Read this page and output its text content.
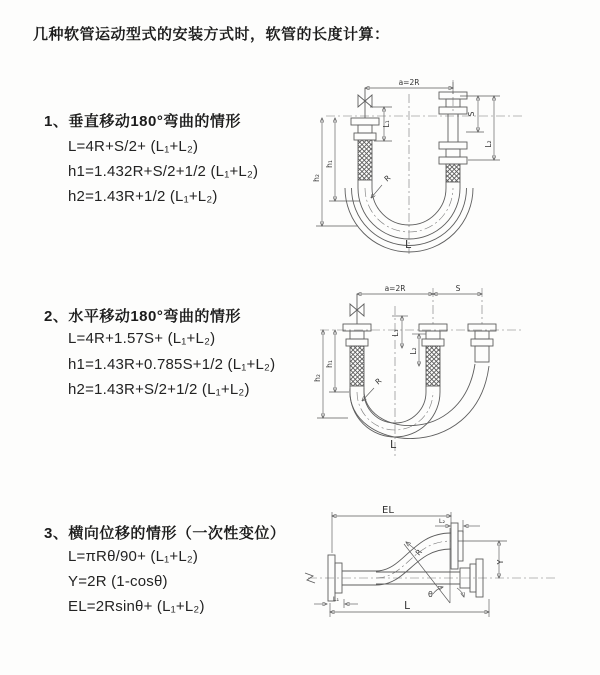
几种软管运动型式的安装方式时，软管的长度计算：
1、垂直移动180°弯曲的情形
L=4R+S/2+ (L₁+L₂)
h1=1.432R+S/2+1/2 (L₁+L₂)
h2=1.43R+1/2 (L₁+L₂)
a=2R
h₂
h₁
L₁
S
L₂
R
L
2、水平移动180°弯曲的情形
L=4R+1.57S+ (L₁+L₂)
h1=1.43R+0.785S+1/2 (L₁+L₂)
h2=1.43R+S/2+1/2 (L₁+L₂)
a=2R	S
h₂
h₁
L₁
L₂
R
L
3、横向位移的情形（一次性变位）
L=πRθ/90+ (L₁+L₂)
Y=2R (1-cosθ)
EL=2Rsinθ+ (L₁+L₂)
EL
L₂
Y
θ
R
L
L₁
